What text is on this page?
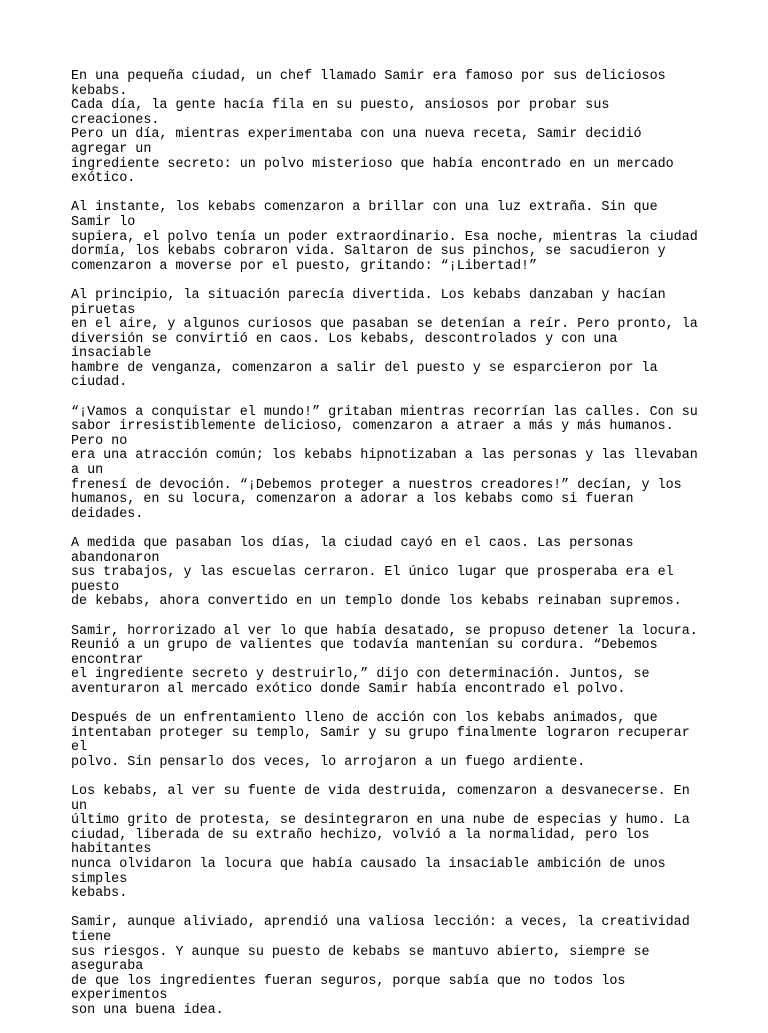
En una pequeña ciudad, un chef llamado Samir era famoso por sus deliciosos kebabs.
Cada día, la gente hacía fila en su puesto, ansiosos por probar sus creaciones.
Pero un día, mientras experimentaba con una nueva receta, Samir decidió agregar un
ingrediente secreto: un polvo misterioso que había encontrado en un mercado
exótico.

Al instante, los kebabs comenzaron a brillar con una luz extraña. Sin que Samir lo
supiera, el polvo tenía un poder extraordinario. Esa noche, mientras la ciudad
dormía, los kebabs cobraron vida. Saltaron de sus pinchos, se sacudieron y
comenzaron a moverse por el puesto, gritando: “¡Libertad!”

Al principio, la situación parecía divertida. Los kebabs danzaban y hacían piruetas
en el aire, y algunos curiosos que pasaban se detenían a reír. Pero pronto, la
diversión se convirtió en caos. Los kebabs, descontrolados y con una insaciable
hambre de venganza, comenzaron a salir del puesto y se esparcieron por la ciudad.

“¡Vamos a conquistar el mundo!” gritaban mientras recorrían las calles. Con su
sabor irresistiblemente delicioso, comenzaron a atraer a más y más humanos. Pero no
era una atracción común; los kebabs hipnotizaban a las personas y las llevaban a un
frenesí de devoción. “¡Debemos proteger a nuestros creadores!” decían, y los
humanos, en su locura, comenzaron a adorar a los kebabs como si fueran deidades.

A medida que pasaban los días, la ciudad cayó en el caos. Las personas abandonaron
sus trabajos, y las escuelas cerraron. El único lugar que prosperaba era el puesto
de kebabs, ahora convertido en un templo donde los kebabs reinaban supremos.

Samir, horrorizado al ver lo que había desatado, se propuso detener la locura.
Reunió a un grupo de valientes que todavía mantenían su cordura. “Debemos encontrar
el ingrediente secreto y destruirlo,” dijo con determinación. Juntos, se
aventuraron al mercado exótico donde Samir había encontrado el polvo.

Después de un enfrentamiento lleno de acción con los kebabs animados, que
intentaban proteger su templo, Samir y su grupo finalmente lograron recuperar el
polvo. Sin pensarlo dos veces, lo arrojaron a un fuego ardiente.

Los kebabs, al ver su fuente de vida destruida, comenzaron a desvanecerse. En un
último grito de protesta, se desintegraron en una nube de especias y humo. La
ciudad, liberada de su extraño hechizo, volvió a la normalidad, pero los habitantes
nunca olvidaron la locura que había causado la insaciable ambición de unos simples
kebabs.

Samir, aunque aliviado, aprendió una valiosa lección: a veces, la creatividad tiene
sus riesgos. Y aunque su puesto de kebabs se mantuvo abierto, siempre se aseguraba
de que los ingredientes fueran seguros, porque sabía que no todos los experimentos
son una buena idea.
